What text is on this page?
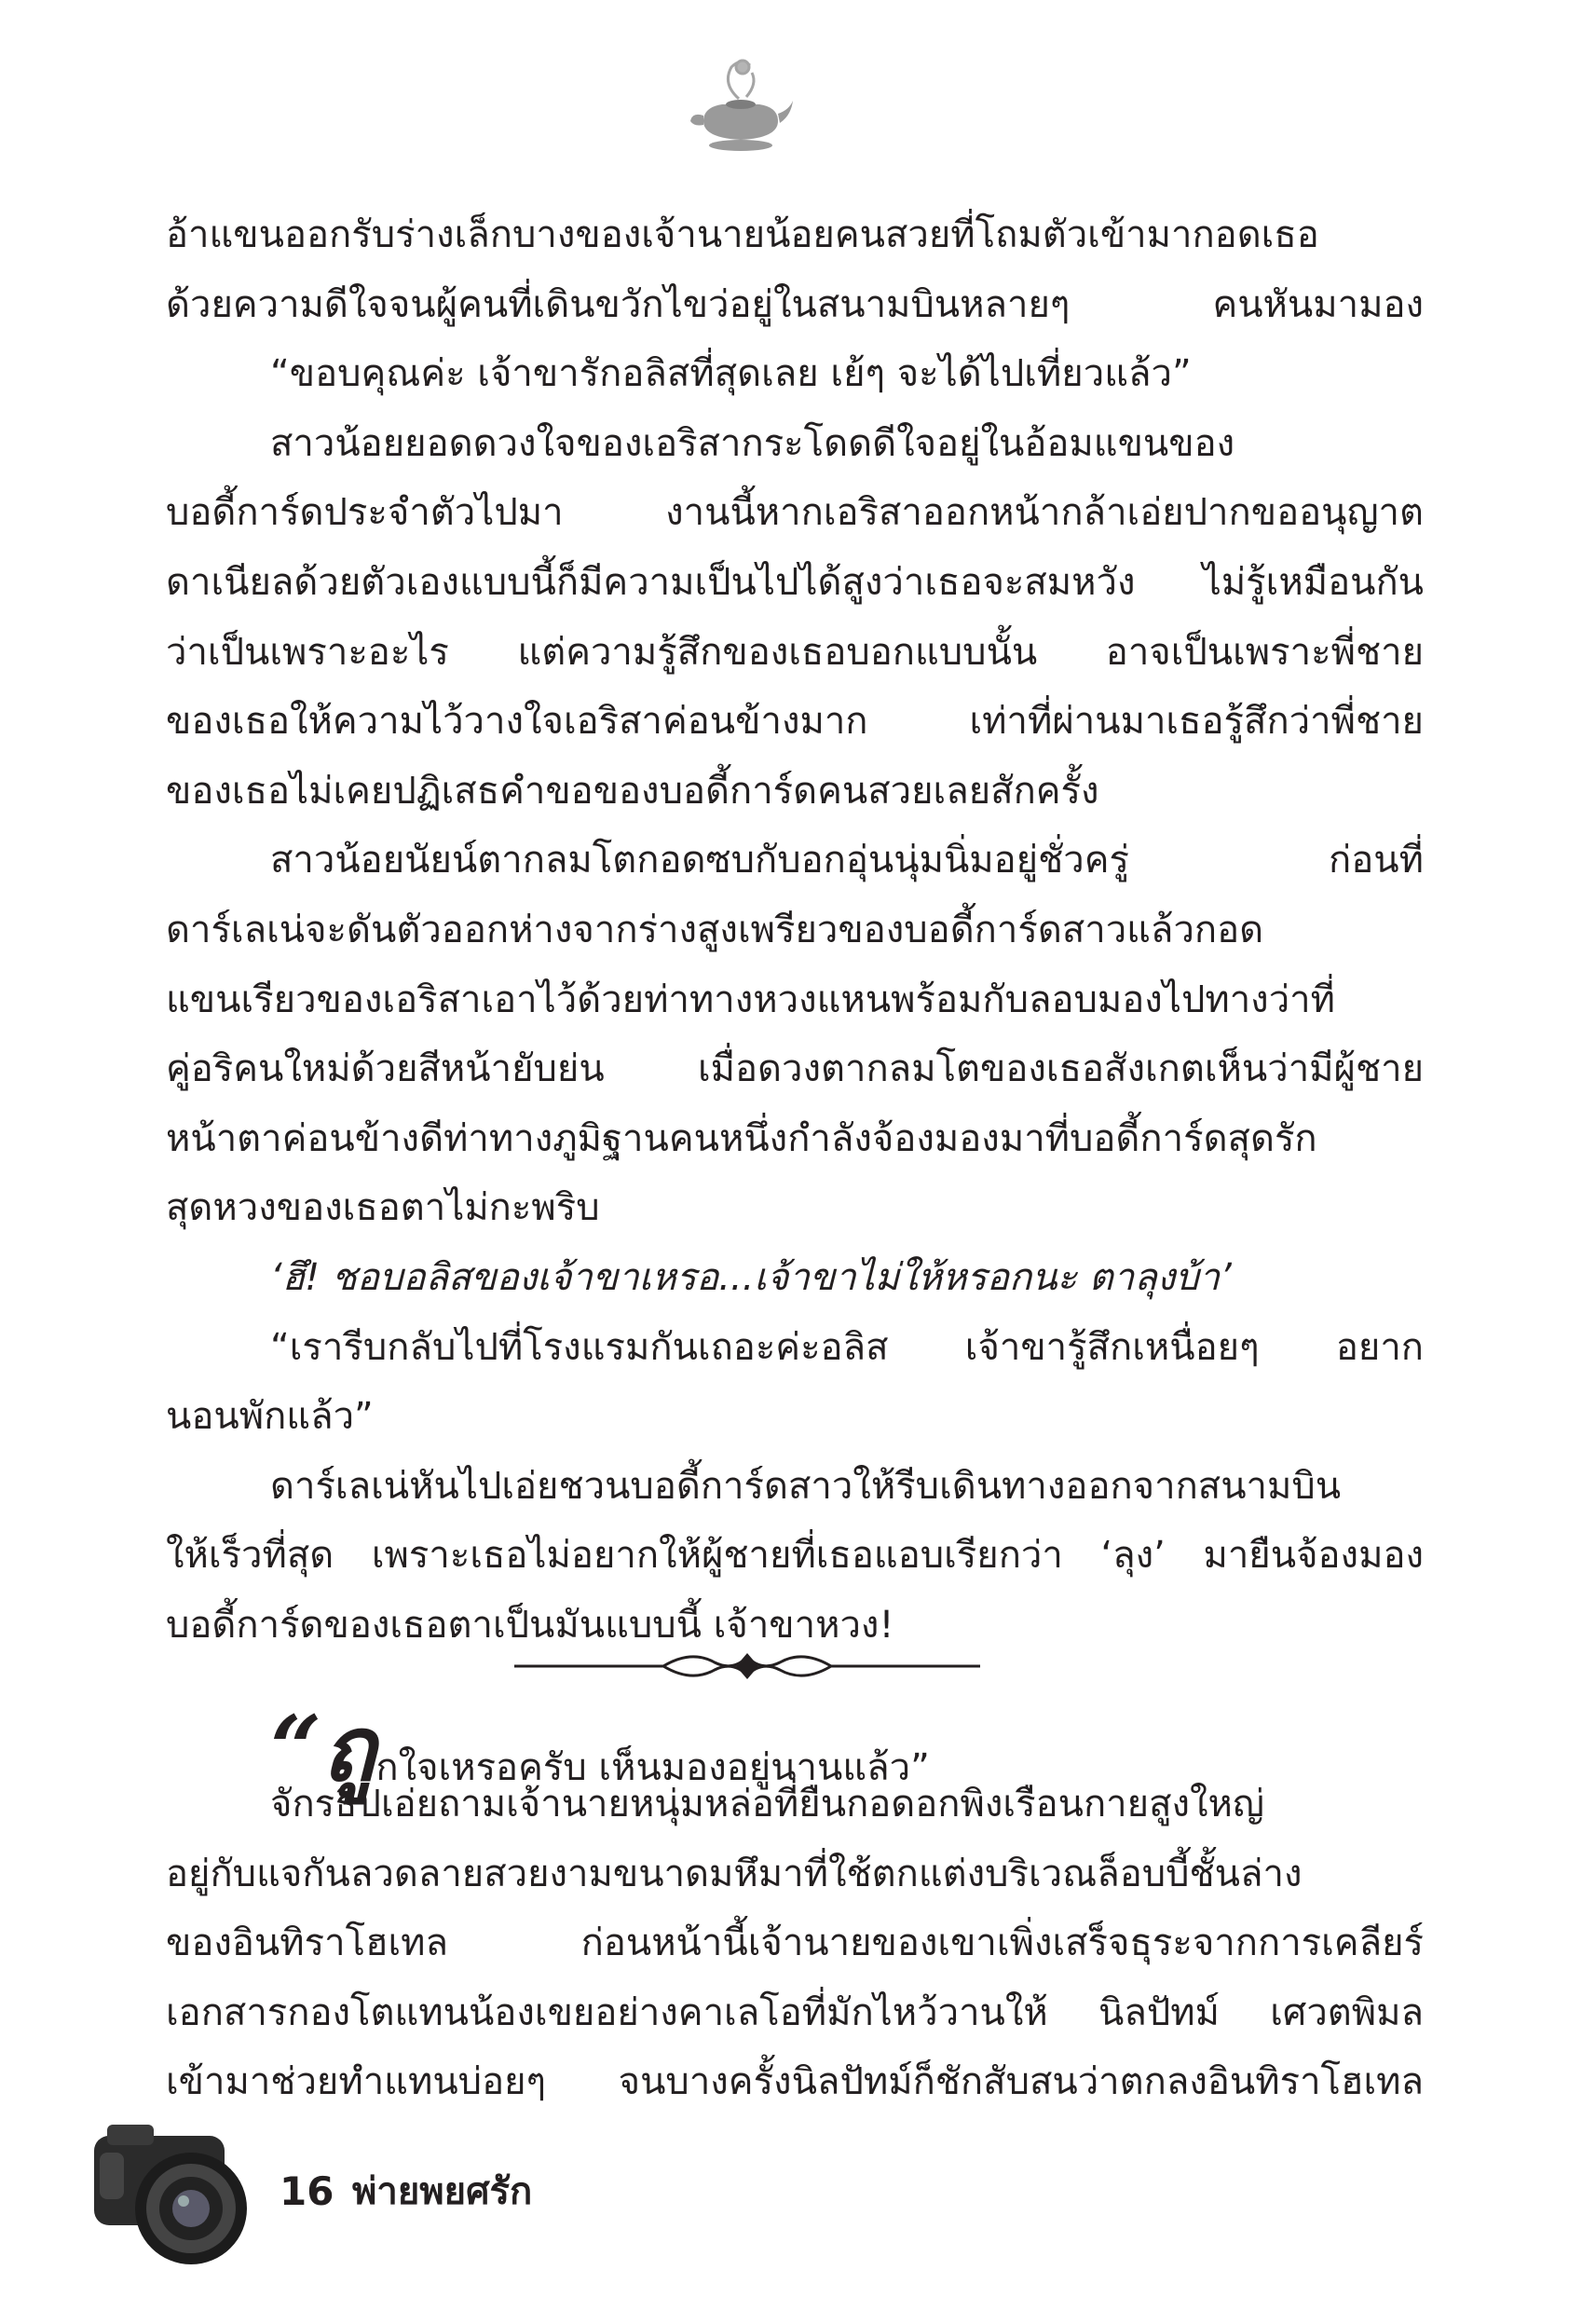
อ้าแขนออกรับร่างเล็กบางของเจ้านายน้อยคนสวยที่โถมตัวเข้ามากอดเธอ
ด้วยความดีใจจนผู้คนที่เดินขวักไขว่อยู่ในสนามบินหลายๆ คนหันมามอง
“ขอบคุณค่ะ เจ้าขารักอลิสที่สุดเลย เย้ๆ จะได้ไปเที่ยวแล้ว”
สาวน้อยยอดดวงใจของเอริสากระโดดดีใจอยู่ในอ้อมแขนของ
บอดี้การ์ดประจำตัวไปมา งานนี้หากเอริสาออกหน้ากล้าเอ่ยปากขออนุญาต
ดาเนียลด้วยตัวเองแบบนี้ก็มีความเป็นไปได้สูงว่าเธอจะสมหวัง ไม่รู้เหมือนกัน
ว่าเป็นเพราะอะไร แต่ความรู้สึกของเธอบอกแบบนั้น อาจเป็นเพราะพี่ชาย
ของเธอให้ความไว้วางใจเอริสาค่อนข้างมาก เท่าที่ผ่านมาเธอรู้สึกว่าพี่ชาย
ของเธอไม่เคยปฏิเสธคำขอของบอดี้การ์ดคนสวยเลยสักครั้ง
สาวน้อยนัยน์ตากลมโตกอดซบกับอกอุ่นนุ่มนิ่มอยู่ชั่วครู่ ก่อนที่
ดาร์เลเน่จะดันตัวออกห่างจากร่างสูงเพรียวของบอดี้การ์ดสาวแล้วกอด
แขนเรียวของเอริสาเอาไว้ด้วยท่าทางหวงแหนพร้อมกับลอบมองไปทางว่าที่
คู่อริคนใหม่ด้วยสีหน้ายับย่น เมื่อดวงตากลมโตของเธอสังเกตเห็นว่ามีผู้ชาย
หน้าตาค่อนข้างดีท่าทางภูมิฐานคนหนึ่งกำลังจ้องมองมาที่บอดี้การ์ดสุดรัก
สุดหวงของเธอตาไม่กะพริบ
‘ฮึ! ชอบอลิสของเจ้าขาเหรอ...เจ้าขาไม่ให้หรอกนะ ตาลุงบ้า’
“เรารีบกลับไปที่โรงแรมกันเถอะค่ะอลิส เจ้าขารู้สึกเหนื่อยๆ อยาก
นอนพักแล้ว”
ดาร์เลเน่หันไปเอ่ยชวนบอดี้การ์ดสาวให้รีบเดินทางออกจากสนามบิน
ให้เร็วที่สุด เพราะเธอไม่อยากให้ผู้ชายที่เธอแอบเรียกว่า ‘ลุง’ มายืนจ้องมอง
บอดี้การ์ดของเธอตาเป็นมันแบบนี้ เจ้าขาหวง!
“ถูกใจเหรอครับ เห็นมองอยู่นานแล้ว”
จักรธิปเอ่ยถามเจ้านายหนุ่มหล่อที่ยืนกอดอกพิงเรือนกายสูงใหญ่
อยู่กับแจกันลวดลายสวยงามขนาดมหึมาที่ใช้ตกแต่งบริเวณล็อบบี้ชั้นล่าง
ของอินทิราโฮเทล ก่อนหน้านี้เจ้านายของเขาเพิ่งเสร็จธุระจากการเคลียร์
เอกสารกองโตแทนน้องเขยอย่างคาเลโอที่มักไหว้วานให้ นิลปัทม์ เศวตพิมล
เข้ามาช่วยทำแทนบ่อยๆ จนบางครั้งนิลปัทม์ก็ชักสับสนว่าตกลงอินทิราโฮเทล
16 พ่ายพยศรัก
